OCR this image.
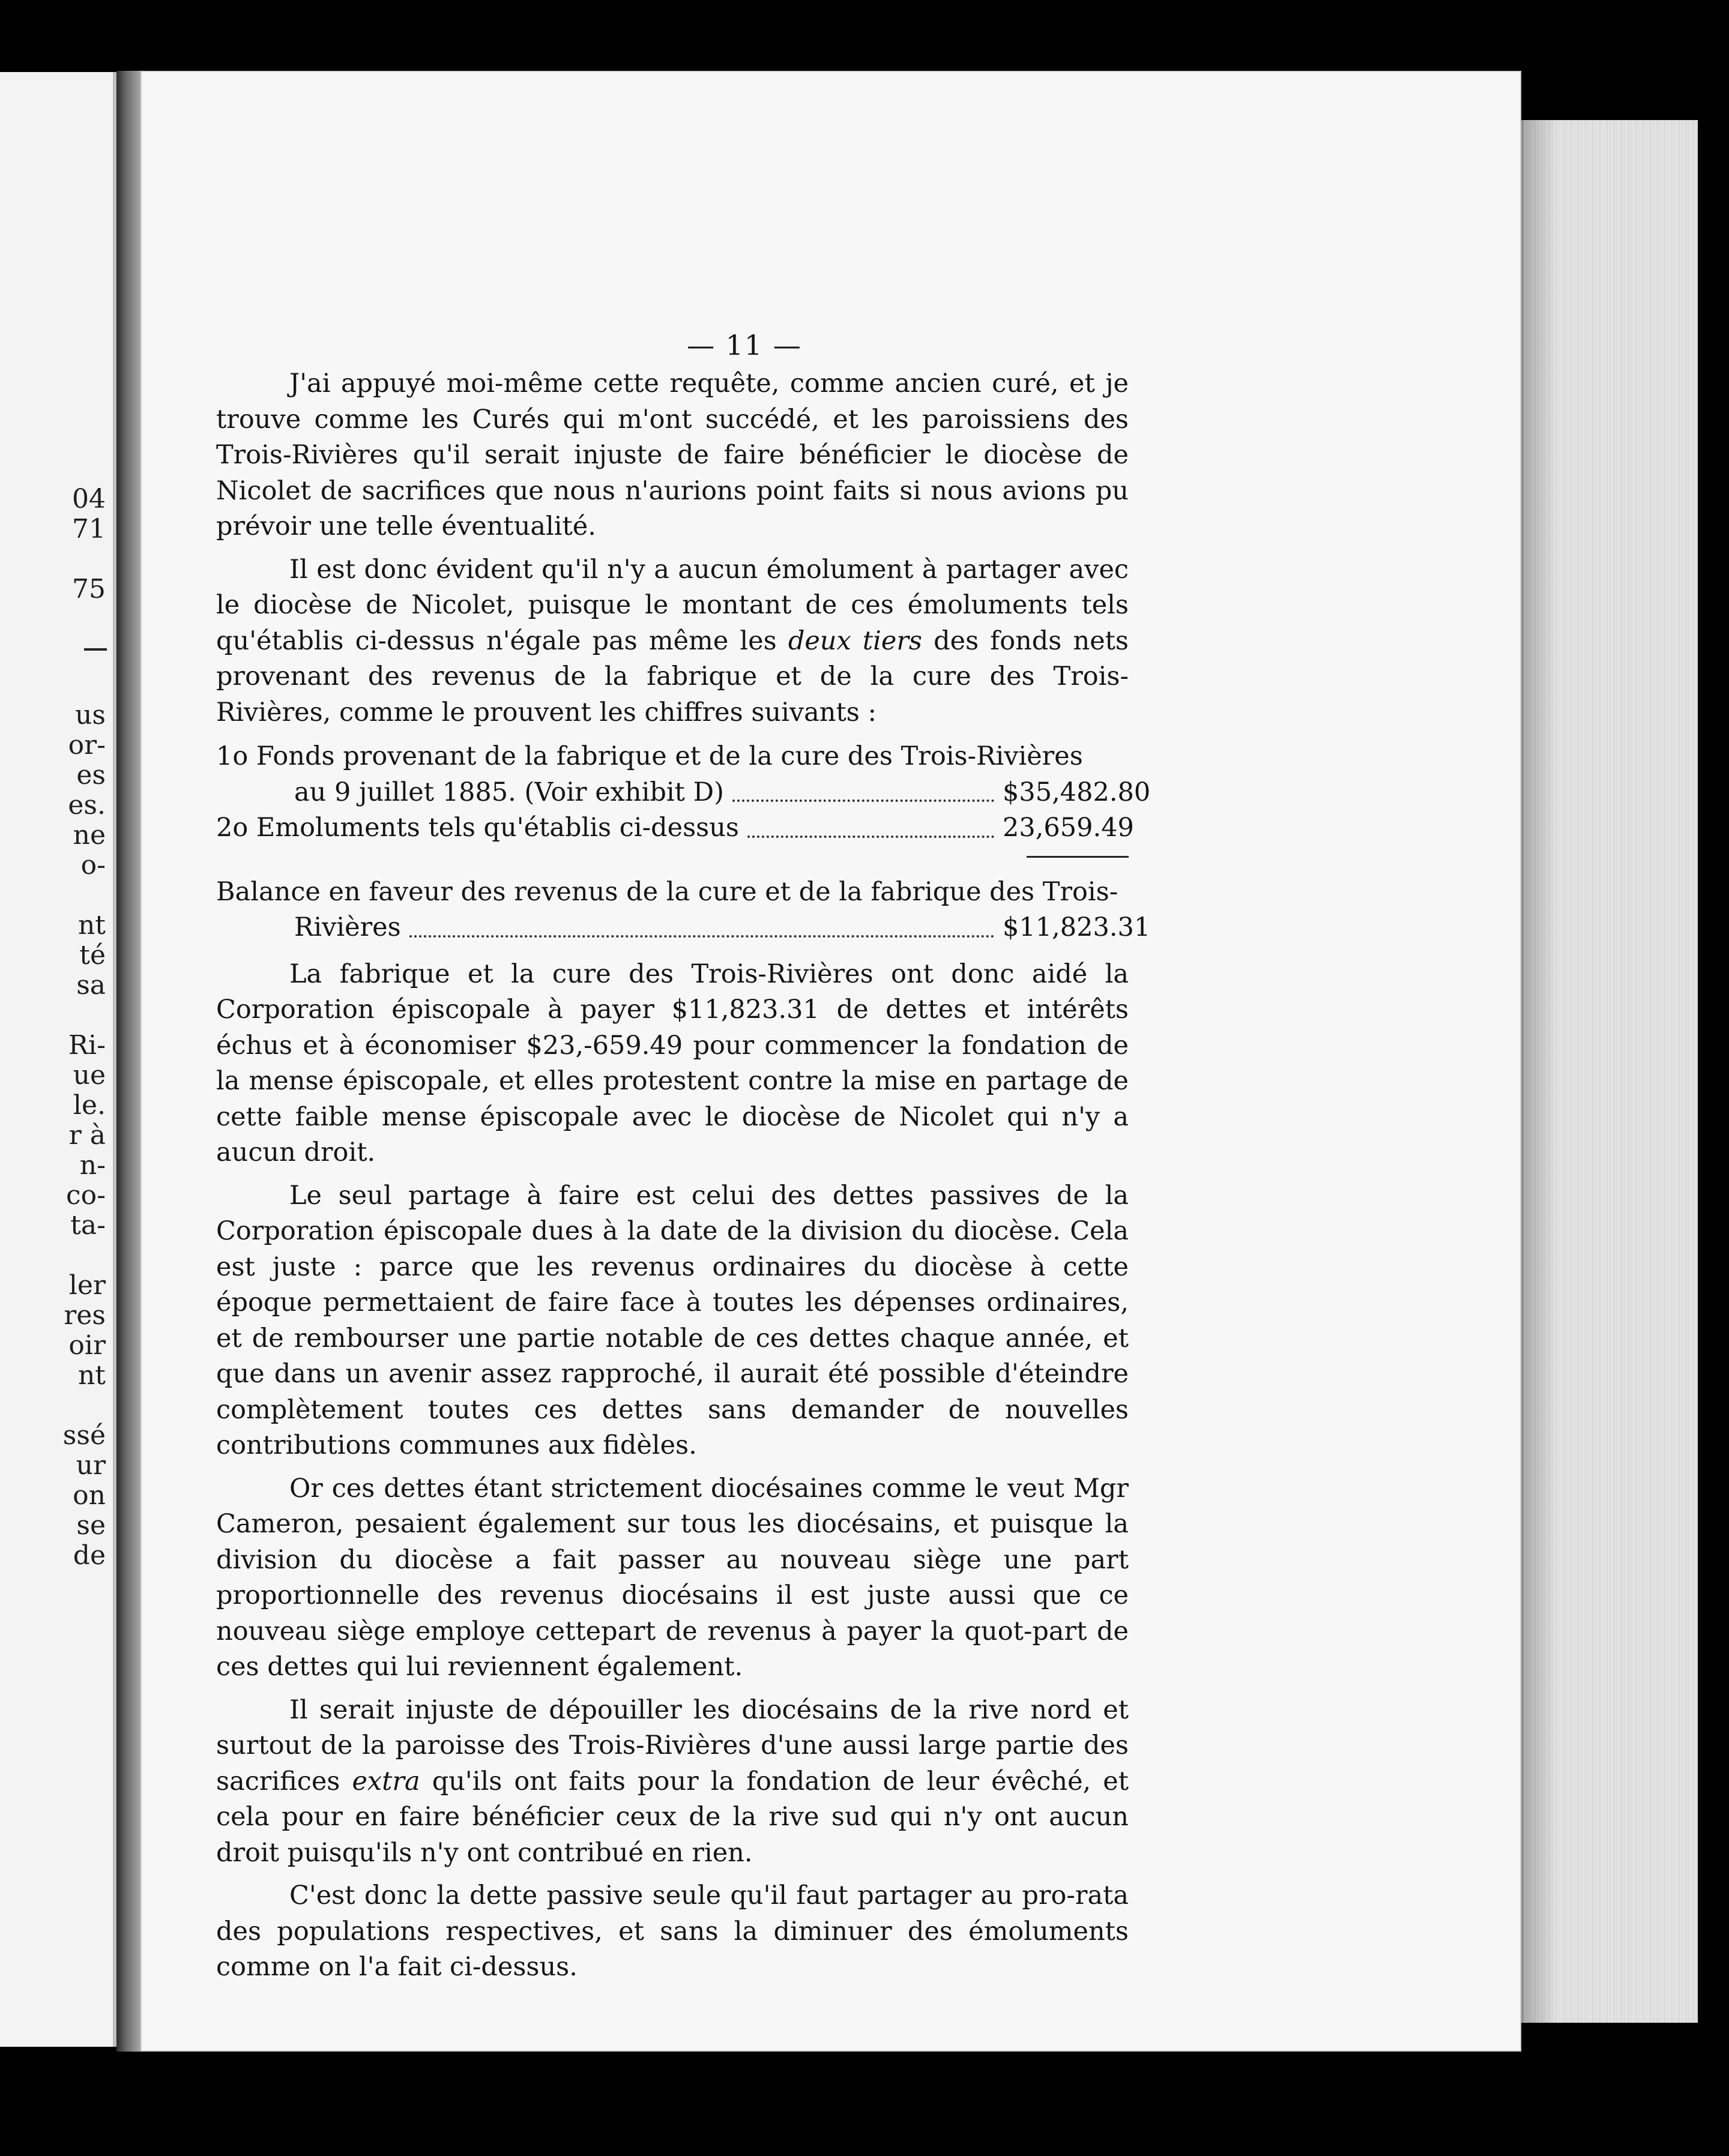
04
71
75
us
or-
es
es.
ne
o-
nt
té
sa
Ri-
ue
le.
r à
n-
co-
ta-
ler
res
oir
nt
ssé
ur
on
se
de
— 11 —

J'ai appuyé moi-même cette requête, comme ancien curé, et je trouve comme les Curés qui m'ont succédé, et les paroissiens des Trois-Rivières qu'il serait injuste de faire bénéficier le diocèse de Nicolet de sacrifices que nous n'aurions point faits si nous avions pu prévoir une telle éventualité.

Il est donc évident qu'il n'y a aucun émolument à partager avec le diocèse de Nicolet, puisque le montant de ces émoluments tels qu'établis ci-dessus n'égale pas même les deux tiers des fonds nets provenant des revenus de la fabrique et de la cure des Trois-Rivières, comme le prouvent les chiffres suivants :

1o Fonds provenant de la fabrique et de la cure des Trois-Rivières
au 9 juillet 1885. (Voir exhibit D)	$35,482.80
2o Emoluments tels qu'établis ci-dessus	23,659.49
Balance en faveur des revenus de la cure et de la fabrique des Trois-
Rivières	$11,823.31

La fabrique et la cure des Trois-Rivières ont donc aidé la Corporation épiscopale à payer $11,823.31 de dettes et intérêts échus et à économiser $23,-659.49 pour commencer la fondation de la mense épiscopale, et elles protestent contre la mise en partage de cette faible mense épiscopale avec le diocèse de Nicolet qui n'y a aucun droit.

Le seul partage à faire est celui des dettes passives de la Corporation épiscopale dues à la date de la division du diocèse. Cela est juste : parce que les revenus ordinaires du diocèse à cette époque permettaient de faire face à toutes les dépenses ordinaires, et de rembourser une partie notable de ces dettes chaque année, et que dans un avenir assez rapproché, il aurait été possible d'éteindre complètement toutes ces dettes sans demander de nouvelles contributions communes aux fidèles.

Or ces dettes étant strictement diocésaines comme le veut Mgr Cameron, pesaient également sur tous les diocésains, et puisque la division du diocèse a fait passer au nouveau siège une part proportionnelle des revenus diocésains il est juste aussi que ce nouveau siège employe cettepart de revenus à payer la quot-part de ces dettes qui lui reviennent également.

Il serait injuste de dépouiller les diocésains de la rive nord et surtout de la paroisse des Trois-Rivières d'une aussi large partie des sacrifices extra qu'ils ont faits pour la fondation de leur évêché, et cela pour en faire bénéficier ceux de la rive sud qui n'y ont aucun droit puisqu'ils n'y ont contribué en rien.

C'est donc la dette passive seule qu'il faut partager au pro-rata des populations respectives, et sans la diminuer des émoluments comme on l'a fait ci-dessus.
